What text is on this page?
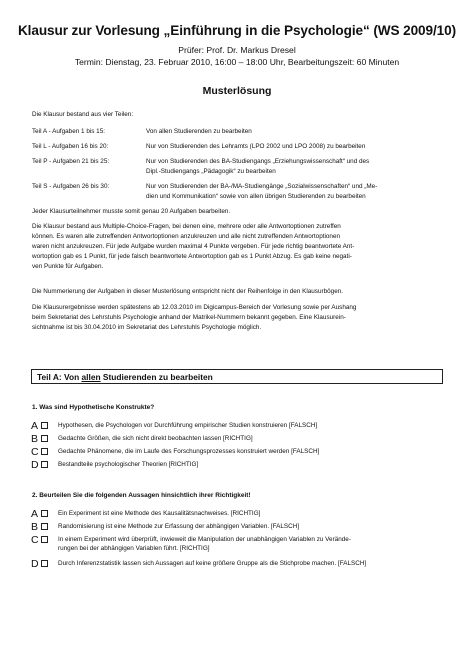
Klausur zur Vorlesung „Einführung in die Psychologie“ (WS 2009/10)
Prüfer: Prof. Dr. Markus Dresel
Termin: Dienstag, 23. Februar 2010, 16:00 – 18:00 Uhr, Bearbeitungszeit: 60 Minuten
Musterlösung
Die Klausur bestand aus vier Teilen:
Teil A - Aufgaben 1 bis 15:	Von allen Studierenden zu bearbeiten
Teil L - Aufgaben 16 bis 20:	Nur von Studierenden des Lehramts (LPO 2002 und LPO 2008) zu bearbeiten
Teil P - Aufgaben 21 bis 25:	Nur von Studierenden des BA-Studiengangs „Erziehungswissenschaft“ und des
Dipl.-Studiengangs „Pädagogik“ zu bearbeiten
Teil S - Aufgaben 26 bis 30:	Nur von Studierenden der BA-/MA-Studiengänge „Sozialwissenschaften“ und „Me-
dien und Kommunikation“ sowie von allen übrigen Studierenden zu bearbeiten
Jeder Klausurteilnehmer musste somit genau 20 Aufgaben bearbeiten.
Die Klausur bestand aus Multiple-Choice-Fragen, bei denen eine, mehrere oder alle Antwortoptionen zutreffen
können. Es waren alle zutreffenden Antwortoptionen anzukreuzen und alle nicht zutreffenden Antwortoptionen
waren nicht anzukreuzen. Für jede Aufgabe wurden maximal 4 Punkte vergeben. Für jede richtig beantwortete Ant-
wortoption gab es 1 Punkt, für jede falsch beantwortete Antwortoption gab es 1 Punkt Abzug. Es gab keine negati-
ven Punkte für Aufgaben.
Die Nummerierung der Aufgaben in dieser Musterlösung entspricht nicht der Reihenfolge in den Klausurbögen.
Die Klausurergebnisse werden spätestens ab 12.03.2010 im Digicampus-Bereich der Vorlesung sowie per Aushang
beim Sekretariat des Lehrstuhls Psychologie anhand der Matrikel-Nummern bekannt gegeben. Eine Klausurein-
sichtnahme ist bis 30.04.2010 im Sekretariat des Lehrstuhls Psychologie möglich.
Teil A: Von allen Studierenden zu bearbeiten
1. Was sind Hypothetische Konstrukte?
A	Hypothesen, die Psychologen vor Durchführung empirischer Studien konstruieren [FALSCH]
B	Gedachte Größen, die sich nicht direkt beobachten lassen [RICHTIG]
C	Gedachte Phänomene, die im Laufe des Forschungsprozesses konstruiert werden [FALSCH]
D	Bestandteile psychologischer Theorien [RICHTIG]
2. Beurteilen Sie die folgenden Aussagen hinsichtlich ihrer Richtigkeit!
A	Ein Experiment ist eine Methode des Kausalitätsnachweises. [RICHTIG]
B	Randomisierung ist eine Methode zur Erfassung der abhängigen Variablen. [FALSCH]
C	In einem Experiment wird überprüft, inwieweit die Manipulation der unabhängigen Variablen zu Verände-
rungen bei der abhängigen Variablen führt. [RICHTIG]
D	Durch Inferenzstatistik lassen sich Aussagen auf keine größere Gruppe als die Stichprobe machen. [FALSCH]
